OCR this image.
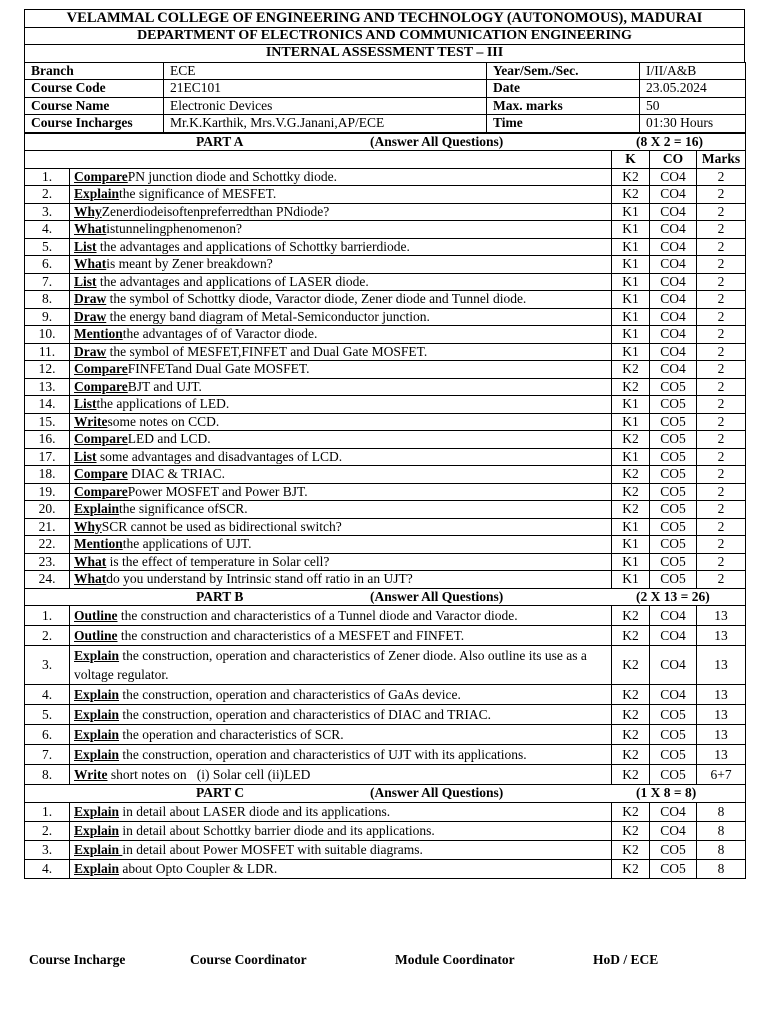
VELAMMAL COLLEGE OF ENGINEERING AND TECHNOLOGY (AUTONOMOUS), MADURAI
DEPARTMENT OF ELECTRONICS AND COMMUNICATION ENGINEERING
INTERNAL ASSESSMENT TEST – III
Branch	ECE	Year/Sem./Sec.	I/II/A&B
Course Code	21EC101	Date	23.05.2024
Course Name	Electronic Devices	Max. marks	50
Course Incharges	Mr.K.Karthik, Mrs.V.G.Janani,AP/ECE	Time	01:30 Hours
PART A (Answer All Questions) (8 X 2 = 16)				

		K	CO	Marks
1.	ComparePN junction diode and Schottky diode.	K2	CO4	2
2.	Explainthe significance of MESFET.	K2	CO4	2
3.	WhyZenerdiodeisoftenpreferredthan PNdiode?	K1	CO4	2
4.	Whatistunnelingphenomenon?	K1	CO4	2
5.	List the advantages and applications of Schottky barrierdiode.	K1	CO4	2
6.	Whatis meant by Zener breakdown?	K1	CO4	2
7.	List the advantages and applications of LASER diode.	K1	CO4	2
8.	Draw the symbol of Schottky diode, Varactor diode, Zener diode and Tunnel diode.	K1	CO4	2
9.	Draw the energy band diagram of Metal-Semiconductor junction.	K1	CO4	2
10.	Mentionthe advantages of of Varactor diode.	K1	CO4	2
11.	Draw the symbol of MESFET,FINFET and Dual Gate MOSFET.	K1	CO4	2
12.	CompareFINFETand Dual Gate MOSFET.	K2	CO4	2
13.	CompareBJT and UJT.	K2	CO5	2
14.	Listthe applications of LED.	K1	CO5	2
15.	Writesome notes on CCD.	K1	CO5	2
16.	CompareLED and LCD.	K2	CO5	2
17.	List some advantages and disadvantages of LCD.	K1	CO5	2
18.	Compare DIAC & TRIAC.	K2	CO5	2
19.	ComparePower MOSFET and Power BJT.	K2	CO5	2
20.	Explainthe significance ofSCR.	K2	CO5	2
21.	WhySCR cannot be used as bidirectional switch?	K1	CO5	2
22.	Mentionthe applications of UJT.	K1	CO5	2
23.	What is the effect of temperature in Solar cell?	K1	CO5	2
24.	Whatdo you understand by Intrinsic stand off ratio in an UJT?	K1	CO5	2

PART B (Answer All Questions) (2 X 13 = 26)				

1.	Outline the construction and characteristics of a Tunnel diode and Varactor diode.	K2	CO4	13
2.	Outline the construction and characteristics of a MESFET and FINFET.	K2	CO4	13
3.	Explain the construction, operation and characteristics of Zener diode. Also outline its use as a voltage regulator.	K2	CO4	13
4.	Explain the construction, operation and characteristics of GaAs device.	K2	CO4	13
5.	Explain the construction, operation and characteristics of DIAC and TRIAC.	K2	CO5	13
6.	Explain the operation and characteristics of SCR.	K2	CO5	13
7.	Explain the construction, operation and characteristics of UJT with its applications.	K2	CO5	13
8.	Write short notes on   (i) Solar cell (ii)LED	K2	CO5	6+7

PART C (Answer All Questions) (1 X 8 = 8)				

1.	Explain in detail about LASER diode and its applications.	K2	CO4	8
2.	Explain in detail about Schottky barrier diode and its applications.	K2	CO4	8
3.	Explain in detail about Power MOSFET with suitable diagrams.	K2	CO5	8
4.	Explain about Opto Coupler & LDR.	K2	CO5	8
Course Incharge	Course Coordinator	Module Coordinator	HoD / ECE
